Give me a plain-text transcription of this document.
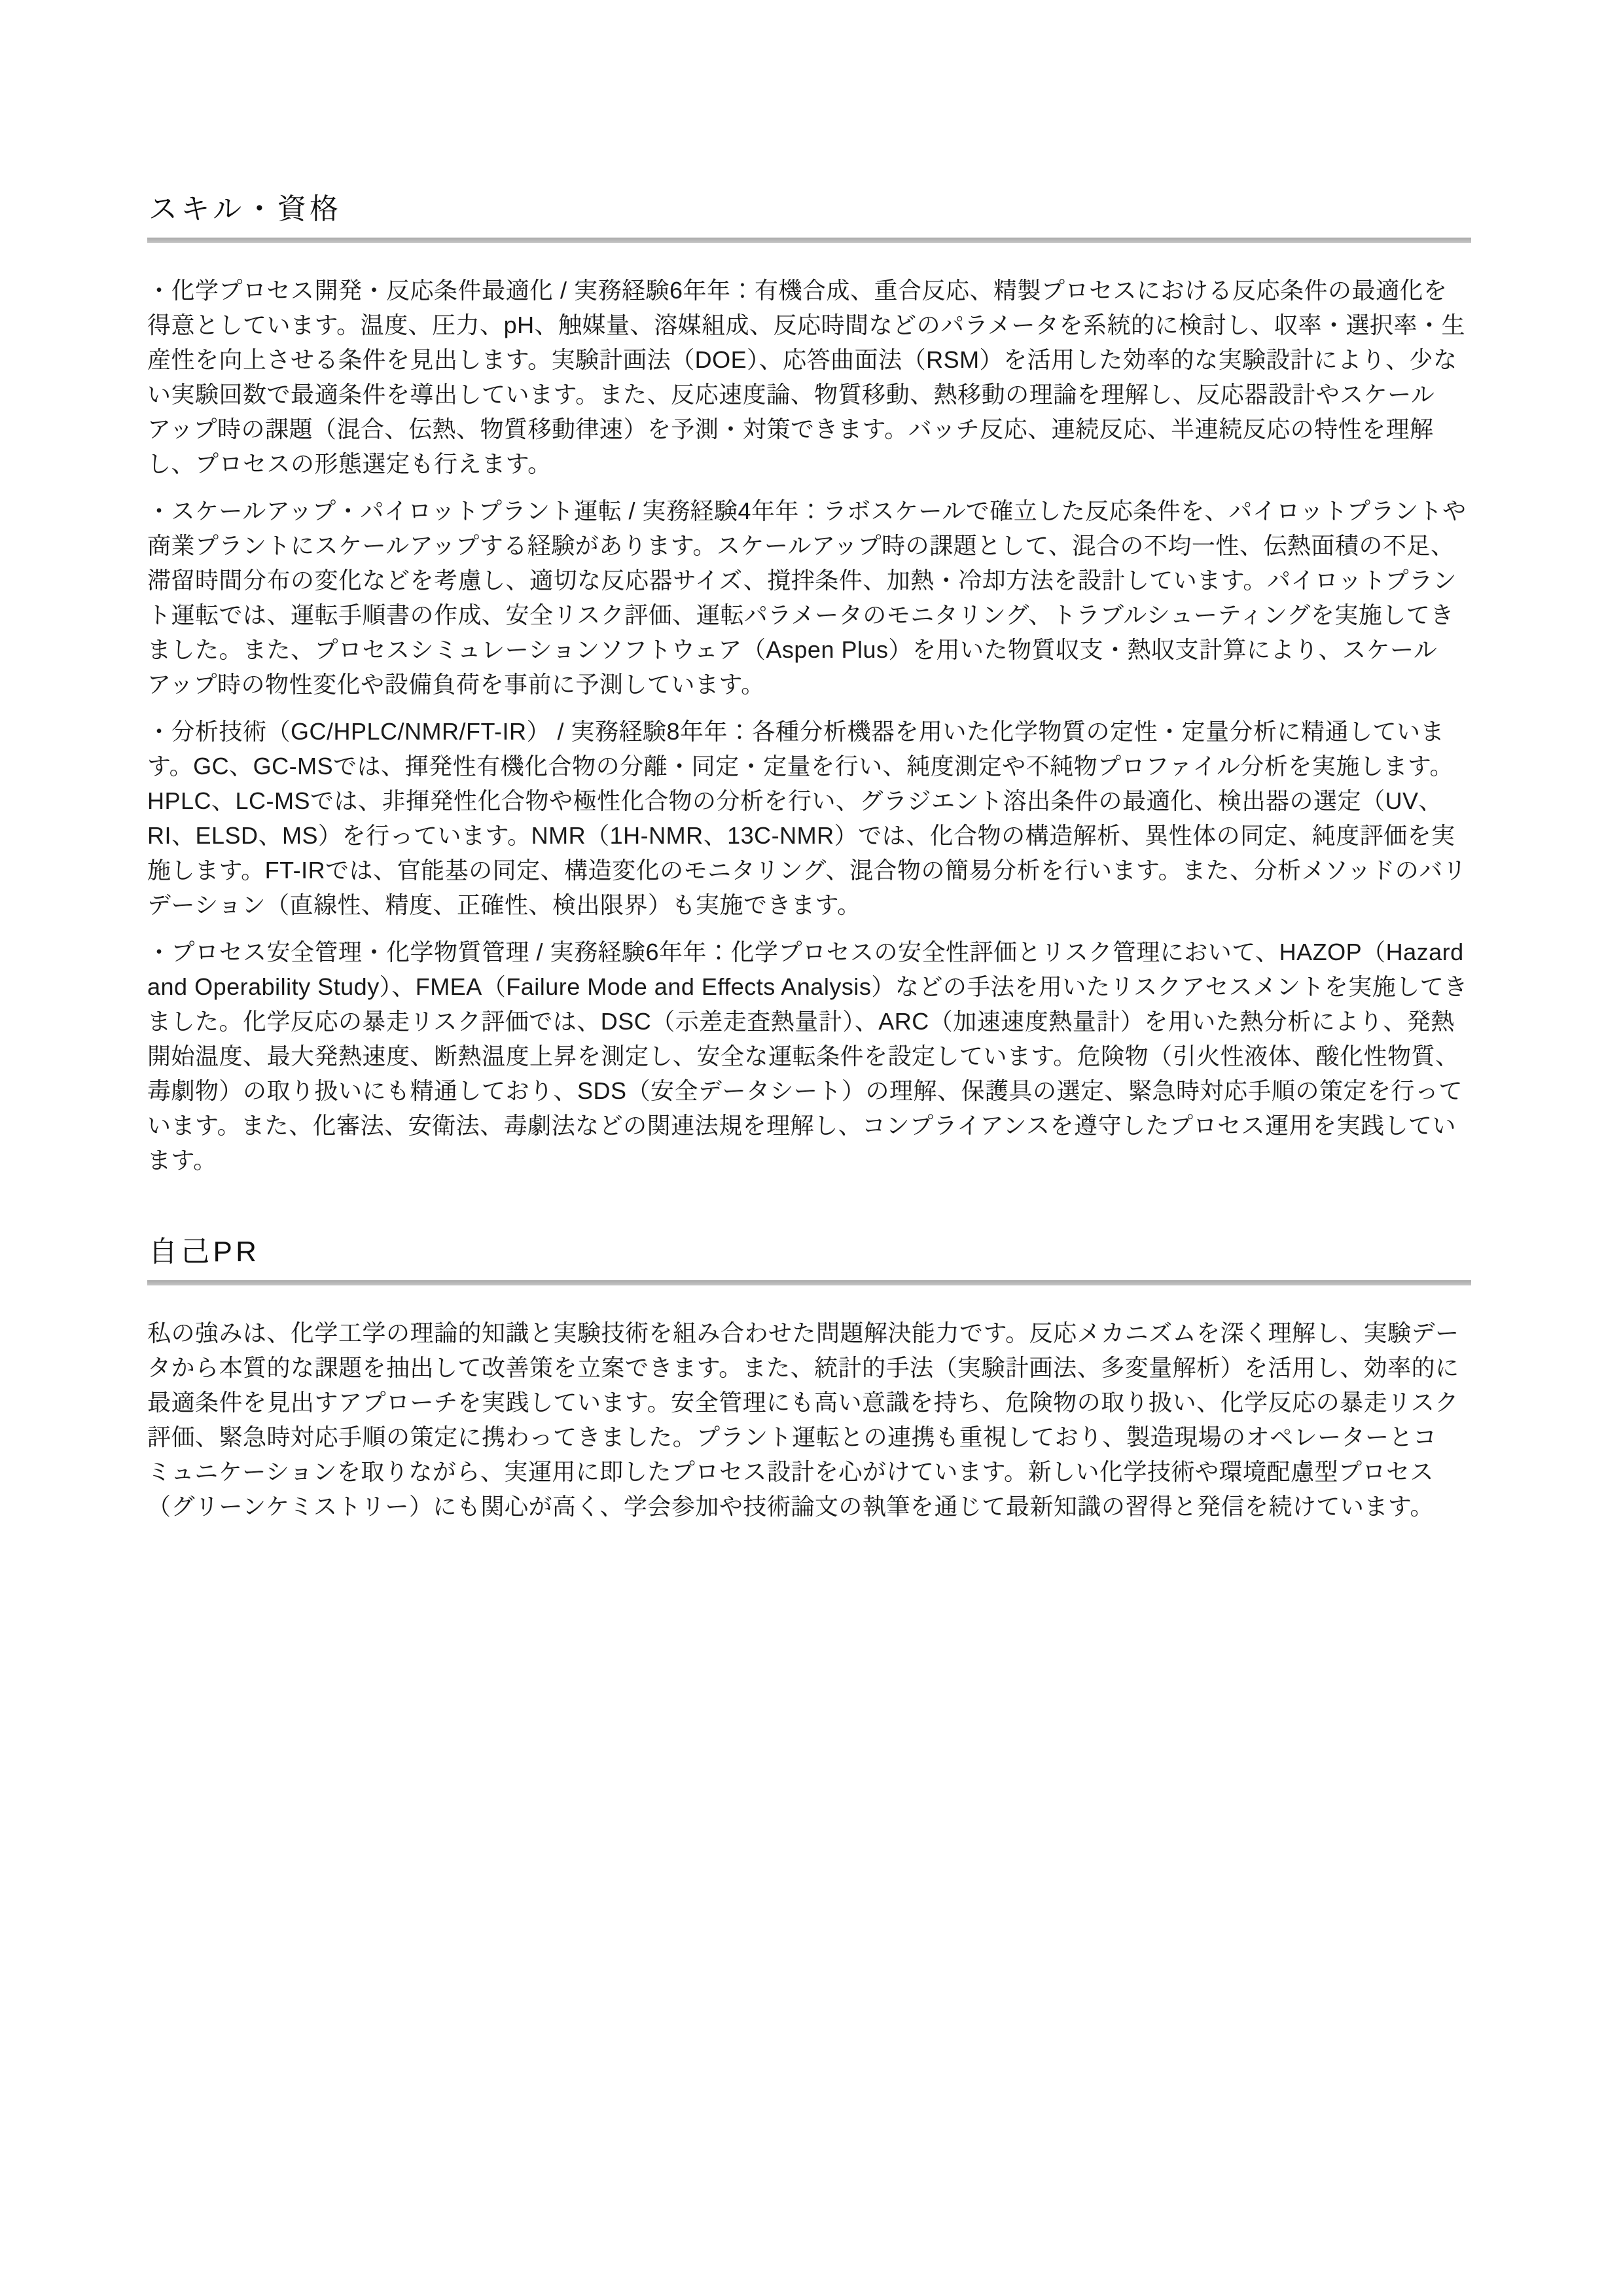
スキル・資格

・化学プロセス開発・反応条件最適化 / 実務経験6年年：有機合成、重合反応、精製プロセスにおける反応条件の最適化を得意としています。温度、圧力、pH、触媒量、溶媒組成、反応時間などのパラメータを系統的に検討し、収率・選択率・生産性を向上させる条件を見出します。実験計画法（DOE）、応答曲面法（RSM）を活用した効率的な実験設計により、少ない実験回数で最適条件を導出しています。また、反応速度論、物質移動、熱移動の理論を理解し、反応器設計やスケールアップ時の課題（混合、伝熱、物質移動律速）を予測・対策できます。バッチ反応、連続反応、半連続反応の特性を理解し、プロセスの形態選定も行えます。

・スケールアップ・パイロットプラント運転 / 実務経験4年年：ラボスケールで確立した反応条件を、パイロットプラントや商業プラントにスケールアップする経験があります。スケールアップ時の課題として、混合の不均一性、伝熱面積の不足、滞留時間分布の変化などを考慮し、適切な反応器サイズ、撹拌条件、加熱・冷却方法を設計しています。パイロットプラント運転では、運転手順書の作成、安全リスク評価、運転パラメータのモニタリング、トラブルシューティングを実施してきました。また、プロセスシミュレーションソフトウェア（Aspen Plus）を用いた物質収支・熱収支計算により、スケールアップ時の物性変化や設備負荷を事前に予測しています。

・分析技術（GC/HPLC/NMR/FT-IR） / 実務経験8年年：各種分析機器を用いた化学物質の定性・定量分析に精通しています。GC、GC-MSでは、揮発性有機化合物の分離・同定・定量を行い、純度測定や不純物プロファイル分析を実施します。HPLC、LC-MSでは、非揮発性化合物や極性化合物の分析を行い、グラジエント溶出条件の最適化、検出器の選定（UV、RI、ELSD、MS）を行っています。NMR（1H-NMR、13C-NMR）では、化合物の構造解析、異性体の同定、純度評価を実施します。FT-IRでは、官能基の同定、構造変化のモニタリング、混合物の簡易分析を行います。また、分析メソッドのバリデーション（直線性、精度、正確性、検出限界）も実施できます。

・プロセス安全管理・化学物質管理 / 実務経験6年年：化学プロセスの安全性評価とリスク管理において、HAZOP（Hazard and Operability Study）、FMEA（Failure Mode and Effects Analysis）などの手法を用いたリスクアセスメントを実施してきました。化学反応の暴走リスク評価では、DSC（示差走査熱量計）、ARC（加速速度熱量計）を用いた熱分析により、発熱開始温度、最大発熱速度、断熱温度上昇を測定し、安全な運転条件を設定しています。危険物（引火性液体、酸化性物質、毒劇物）の取り扱いにも精通しており、SDS（安全データシート）の理解、保護具の選定、緊急時対応手順の策定を行っています。また、化審法、安衛法、毒劇法などの関連法規を理解し、コンプライアンスを遵守したプロセス運用を実践しています。

自己PR

私の強みは、化学工学の理論的知識と実験技術を組み合わせた問題解決能力です。反応メカニズムを深く理解し、実験データから本質的な課題を抽出して改善策を立案できます。また、統計的手法（実験計画法、多変量解析）を活用し、効率的に最適条件を見出すアプローチを実践しています。安全管理にも高い意識を持ち、危険物の取り扱い、化学反応の暴走リスク評価、緊急時対応手順の策定に携わってきました。プラント運転との連携も重視しており、製造現場のオペレーターとコミュニケーションを取りながら、実運用に即したプロセス設計を心がけています。新しい化学技術や環境配慮型プロセス（グリーンケミストリー）にも関心が高く、学会参加や技術論文の執筆を通じて最新知識の習得と発信を続けています。
